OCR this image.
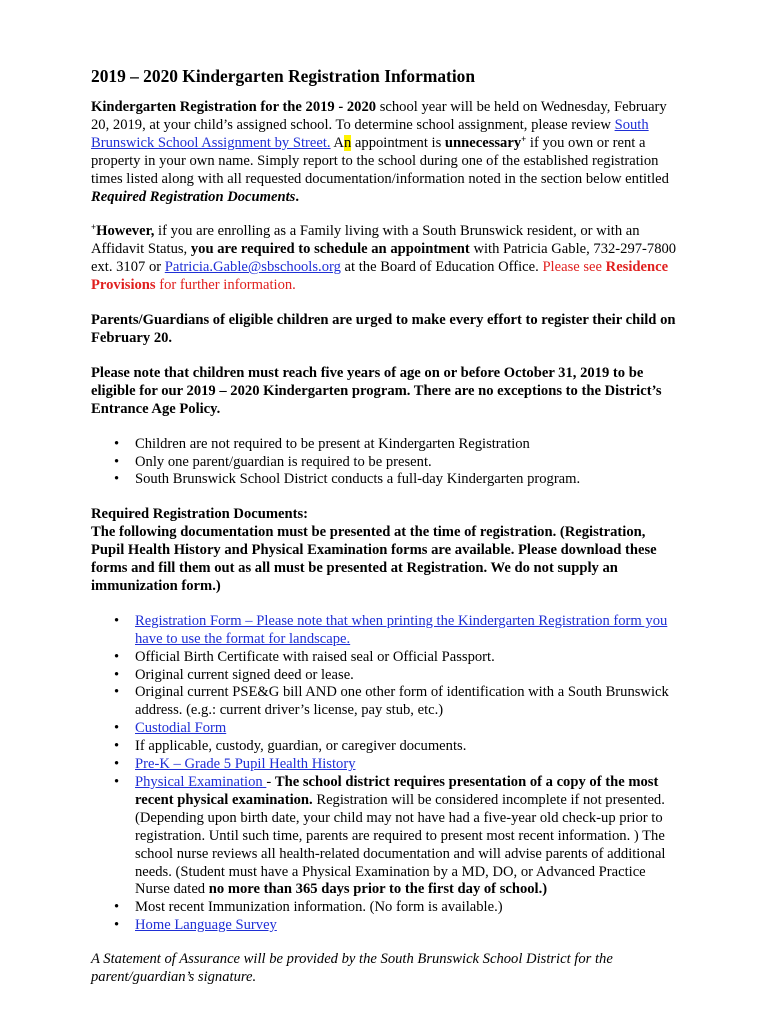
2019 – 2020 Kindergarten Registration Information

Kindergarten Registration for the 2019 - 2020 school year will be held on Wednesday, February 20, 2019, at your child’s assigned school. To determine school assignment, please review South Brunswick School Assignment by Street. An appointment is unnecessary+ if you own or rent a property in your own name. Simply report to the school during one of the established registration times listed along with all requested documentation/information noted in the section below entitled Required Registration Documents.

+However, if you are enrolling as a Family living with a South Brunswick resident, or with an Affidavit Status, you are required to schedule an appointment with Patricia Gable, 732-297-7800 ext. 3107 or Patricia.Gable@sbschools.org at the Board of Education Office. Please see Residence Provisions for further information.

Parents/Guardians of eligible children are urged to make every effort to register their child on February 20.

Please note that children must reach five years of age on or before October 31, 2019 to be eligible for our 2019 – 2020 Kindergarten program. There are no exceptions to the District’s Entrance Age Policy.

• Children are not required to be present at Kindergarten Registration
• Only one parent/guardian is required to be present.
• South Brunswick School District conducts a full-day Kindergarten program.

Required Registration Documents:

The following documentation must be presented at the time of registration. (Registration, Pupil Health History and Physical Examination forms are available. Please download these forms and fill them out as all must be presented at Registration. We do not supply an immunization form.)

• Registration Form – Please note that when printing the Kindergarten Registration form you have to use the format for landscape.
• Official Birth Certificate with raised seal or Official Passport.
• Original current signed deed or lease.
• Original current PSE&G bill AND one other form of identification with a South Brunswick address. (e.g.: current driver’s license, pay stub, etc.)
• Custodial Form
• If applicable, custody, guardian, or caregiver documents.
• Pre-K – Grade 5 Pupil Health History
• Physical Examination - The school district requires presentation of a copy of the most recent physical examination. Registration will be considered incomplete if not presented. (Depending upon birth date, your child may not have had a five-year old check-up prior to registration. Until such time, parents are required to present most recent information. ) The school nurse reviews all health-related documentation and will advise parents of additional needs. (Student must have a Physical Examination by a MD, DO, or Advanced Practice Nurse dated no more than 365 days prior to the first day of school.)
• Most recent Immunization information. (No form is available.)
• Home Language Survey

A Statement of Assurance will be provided by the South Brunswick School District for the parent/guardian’s signature.
